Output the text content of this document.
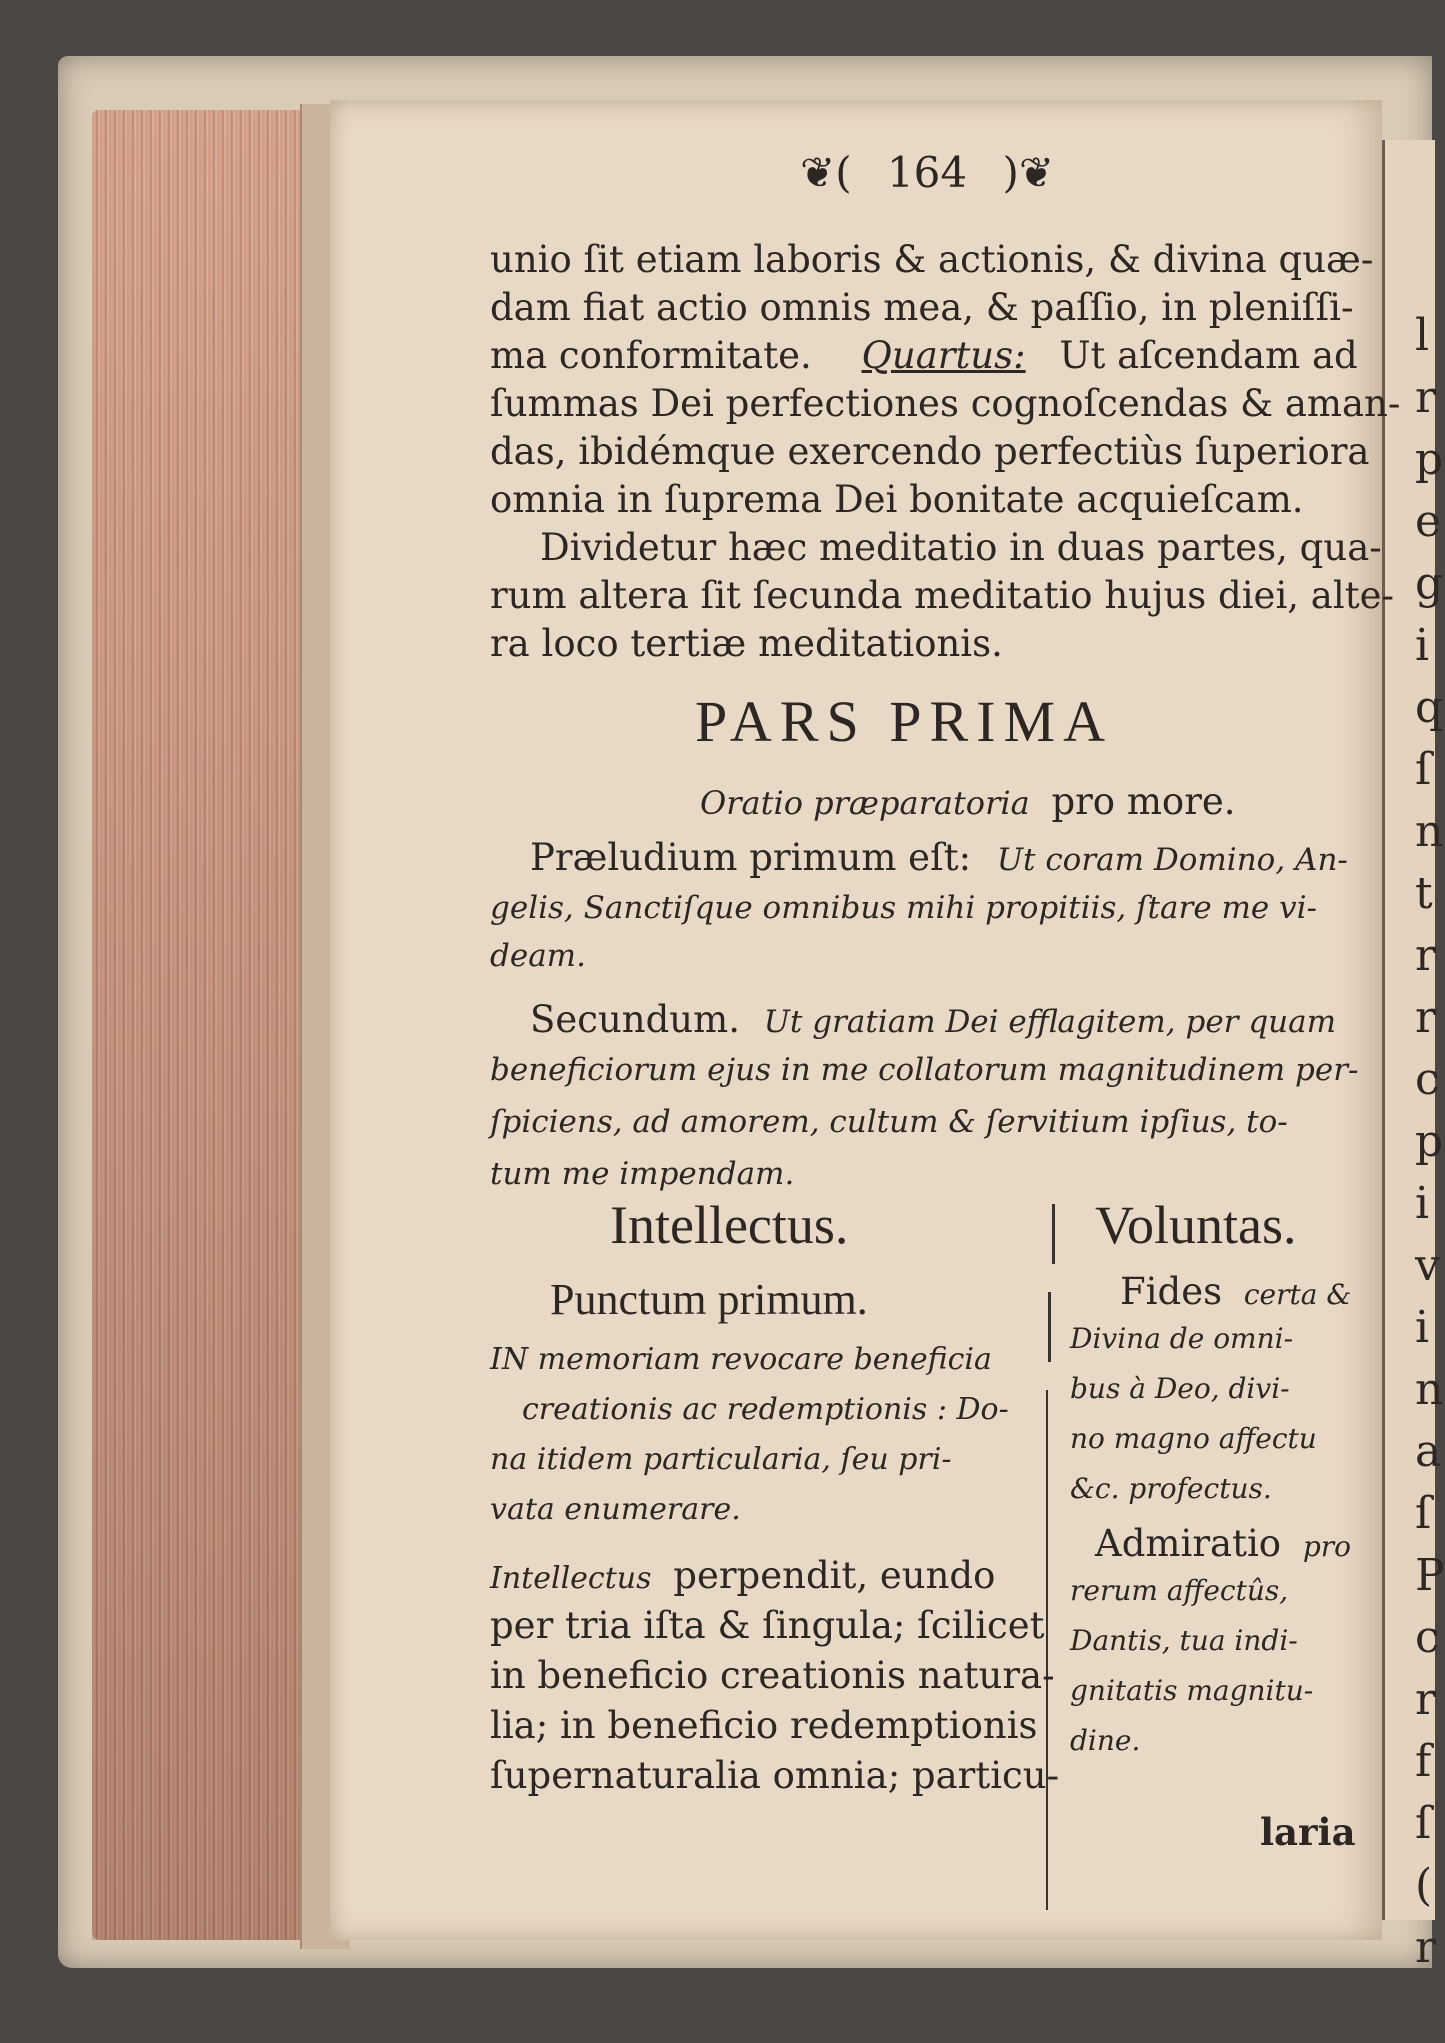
l
r
p
e
g
i
q
ſ
n
t
r
r
c
p
i
v
i
n
a
ſ
P
c
r
f
ſ
(
r
❦( 164 )❦
unio ſit etiam laboris & actionis, & divina quæ-
dam fiat actio omnis mea, & paſſio, in pleniſſi-
ma conformitate. Quartus: Ut aſcendam ad
ſummas Dei perfectiones cognoſcendas & aman-
das, ibidémque exercendo perfectiùs ſuperiora
omnia in ſuprema Dei bonitate acquieſcam.
Dividetur hæc meditatio in duas partes, qua-
rum altera ſit ſecunda meditatio hujus diei, alte-
ra loco tertiæ meditationis.
PARS PRIMA
Oratio præparatoria pro more.
Præludium primum eſt: Ut coram Domino, An-
gelis, Sanctiſque omnibus mihi propitiis, ſtare me vi-
deam.
Secundum. Ut gratiam Dei efflagitem, per quam
beneficiorum ejus in me collatorum magnitudinem per-
ſpiciens, ad amorem, cultum & ſervitium ipſius, to-
tum me impendam.
Intellectus.	Voluntas.
Punctum primum.
IN memoriam revocare beneficia
creationis ac redemptionis : Do-
na itidem particularia, ſeu pri-
vata enumerare.
Intellectus perpendit, eundo
per tria iſta & ſingula; ſcilicet
in beneficio creationis natura-
lia; in beneficio redemptionis
ſupernaturalia omnia; particu-
Fides certa &
Divina de omni-
bus à Deo, divi-
no magno affectu
&c. profectus.
Admiratio pro
rerum affectûs,
Dantis, tua indi-
gnitatis magnitu-
dine.
laria
